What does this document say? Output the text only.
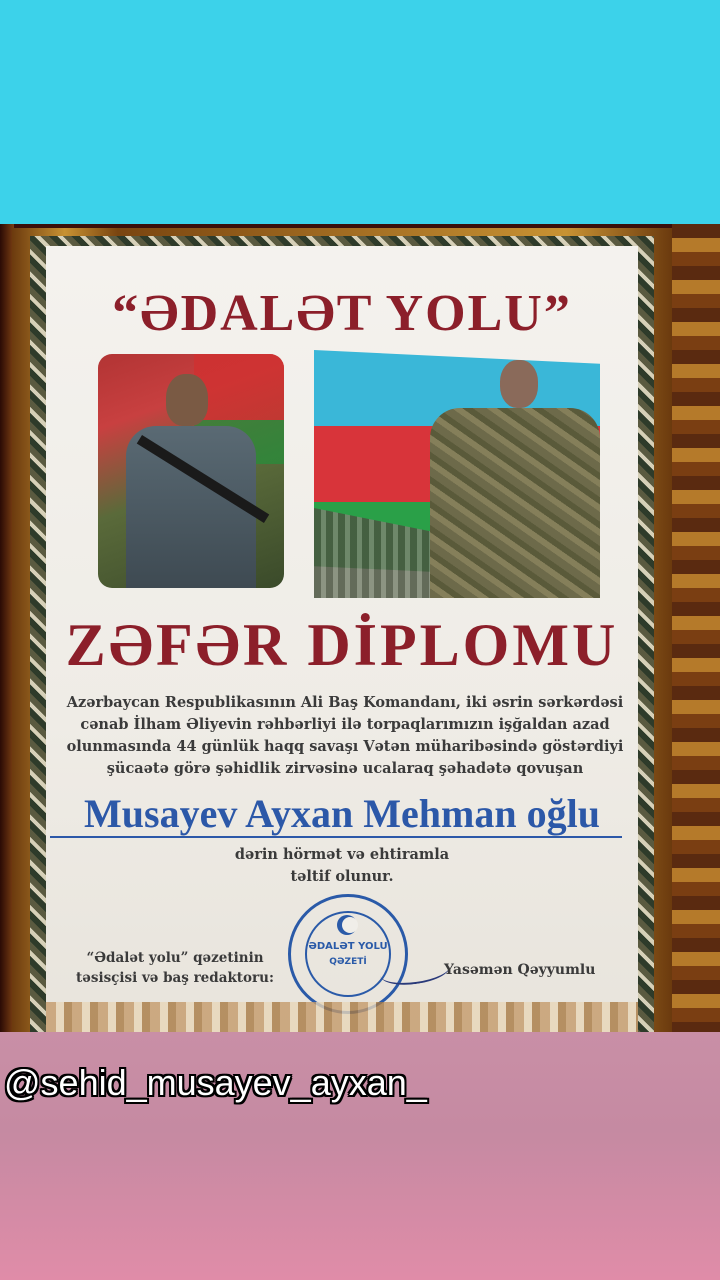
“ƏDALƏT YOLU”
ZƏFƏR DİPLOMU
Azərbaycan Respublikasının Ali Baş Komandanı, iki əsrin sərkərdəsi
cənab İlham Əliyevin rəhbərliyi ilə torpaqlarımızın işğaldan azad
olunmasında 44 günlük haqq savaşı Vətən müharibəsində göstərdiyi
şücaətə görə şəhidlik zirvəsinə ucalaraq şəhadətə qovuşan
Musayev Ayxan Mehman oğlu
dərin hörmət və ehtiramla
təltif olunur.
“Ədalət yolu” qəzetinin
təsisçisi və baş redaktoru:
ƏDALƏT YOLU
QƏZETİ	Yasəmən Qəyyumlu
@sehid_musayev_ayxan_
